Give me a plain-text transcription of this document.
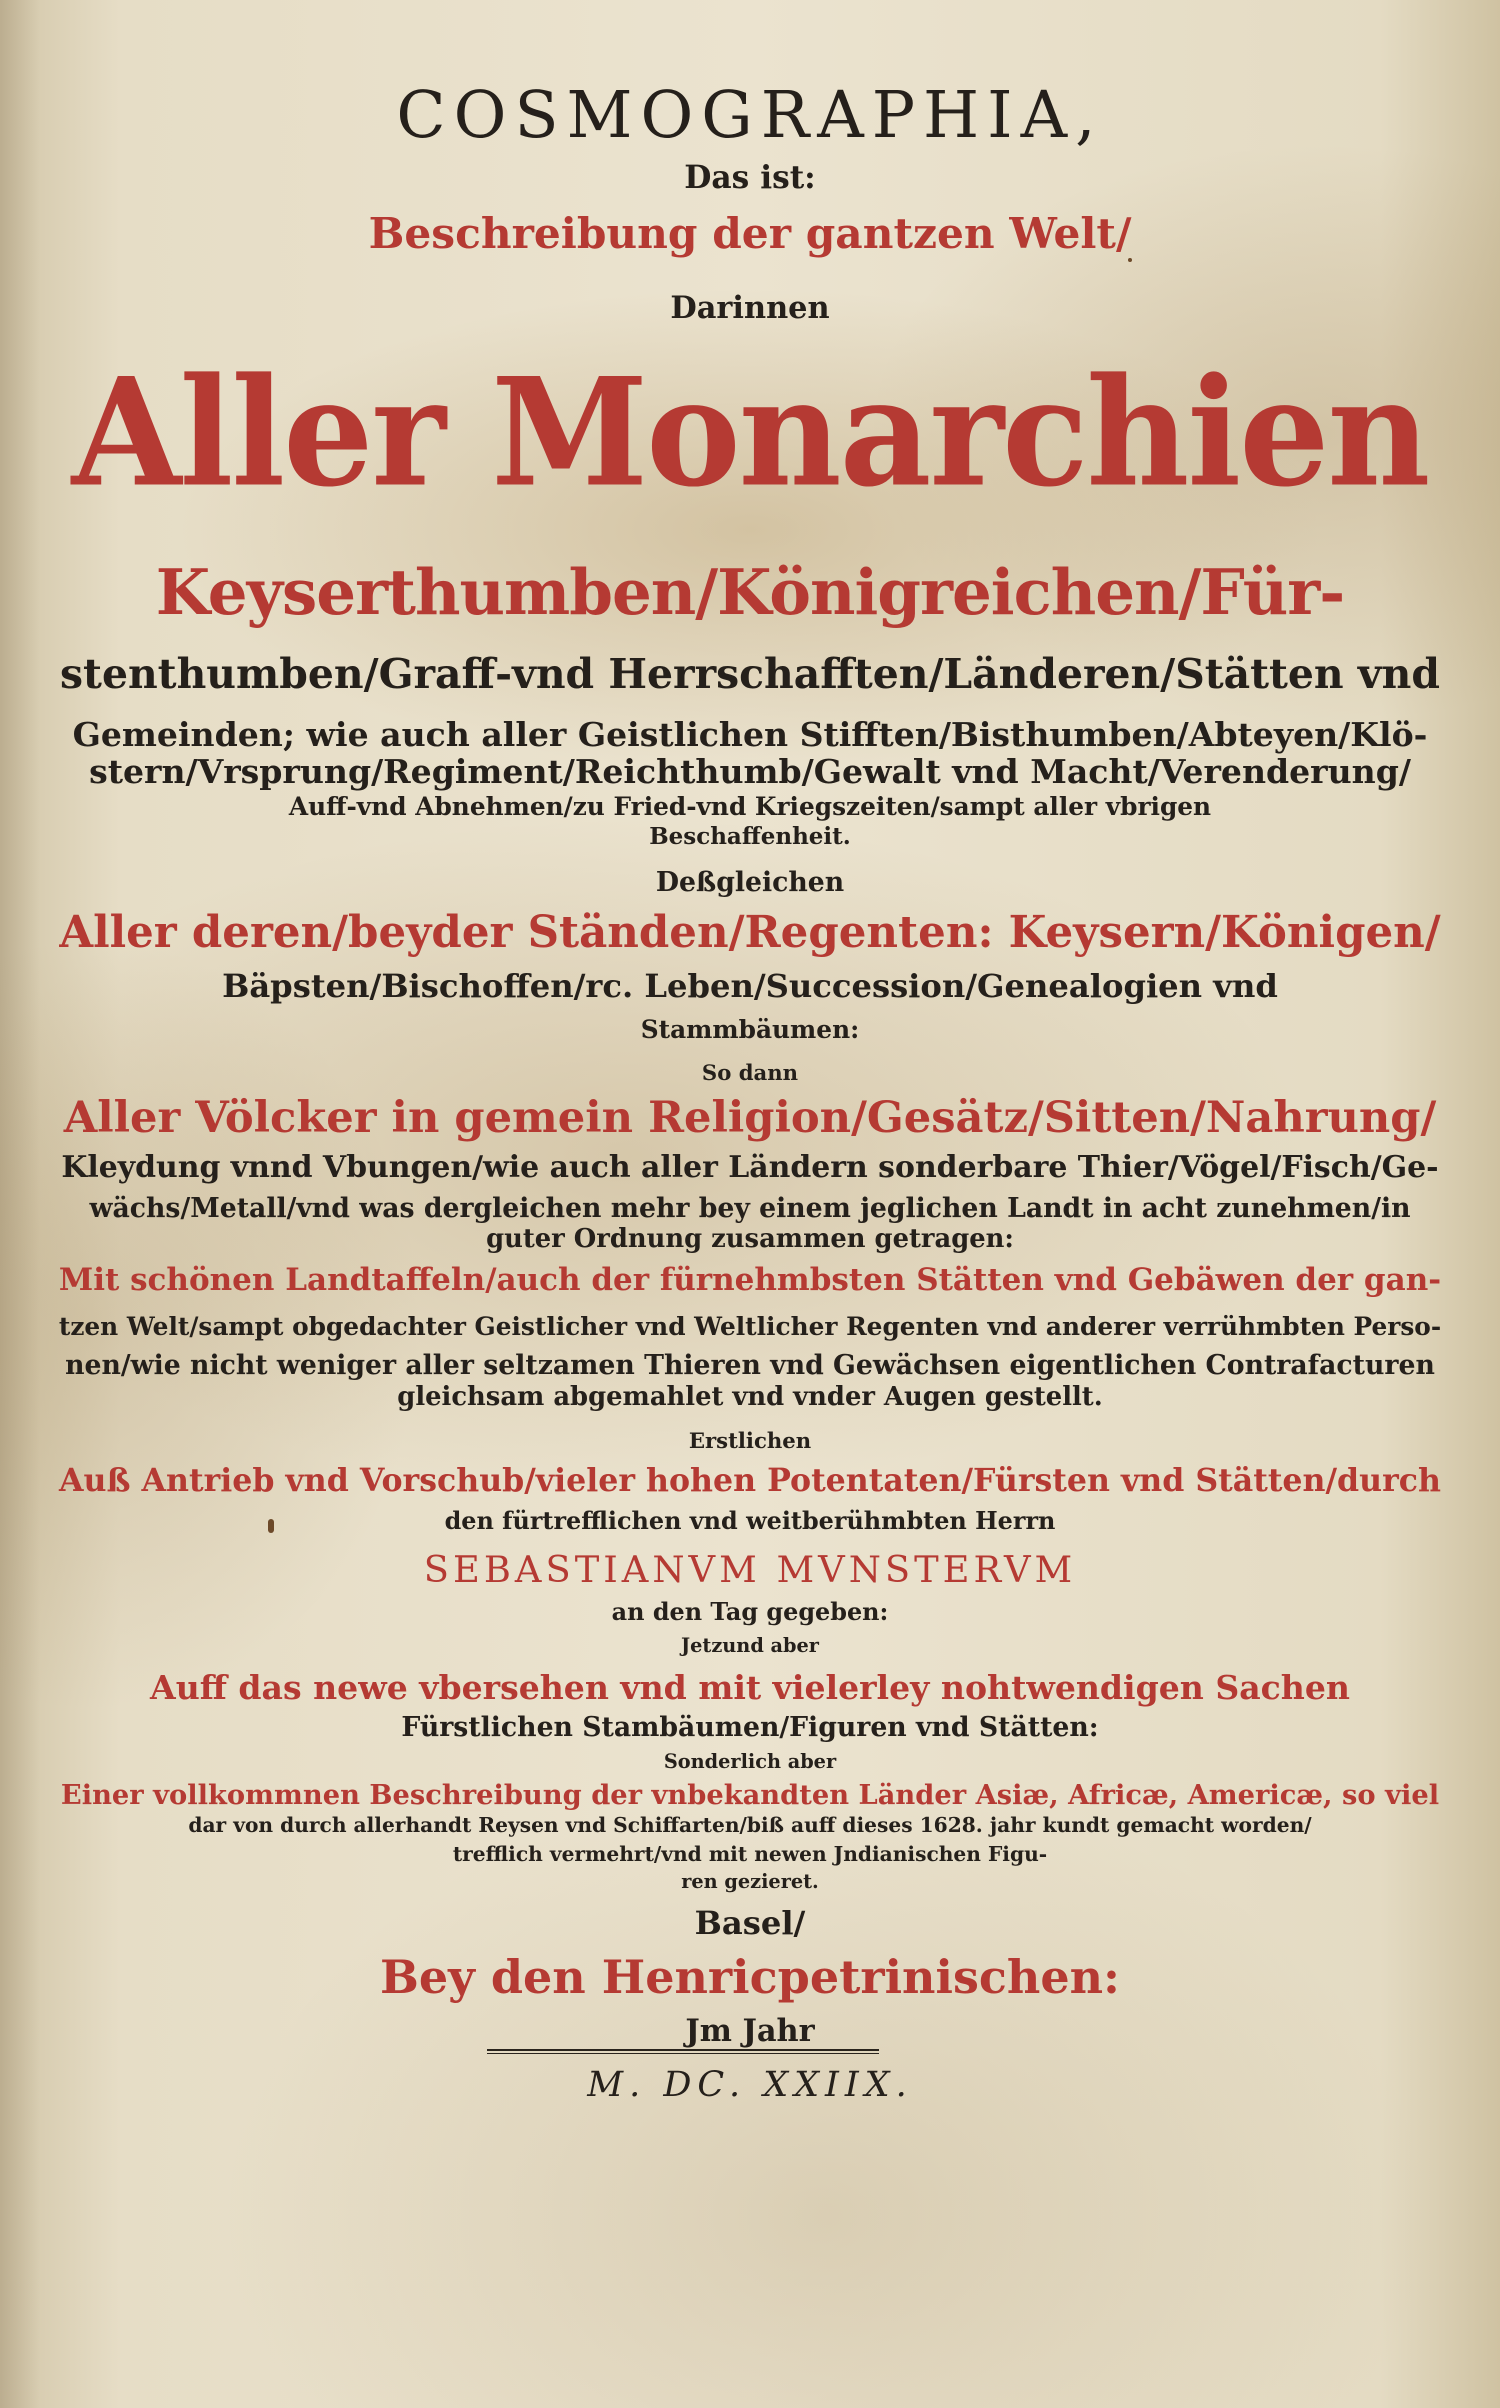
COSMOGRAPHIA,

Das ist:

Beschreibung der gantzen Welt/

Darinnen

Aller Monarchien

Keyserthumben/Königreichen/Für-

stenthumben/Graff-vnd Herrschafften/Länderen/Stätten vnd

Gemeinden; wie auch aller Geistlichen Stifften/Bisthumben/Abteyen/Klö-

stern/Vrsprung/Regiment/Reichthumb/Gewalt vnd Macht/Verenderung/

Auff-vnd Abnehmen/zu Fried-vnd Kriegszeiten/sampt aller vbrigen

Beschaffenheit.

Deßgleichen

Aller deren/beyder Ständen/Regenten: Keysern/Königen/

Bäpsten/Bischoffen/rc. Leben/Succession/Genealogien vnd

Stammbäumen:

So dann

Aller Völcker in gemein Religion/Gesätz/Sitten/Nahrung/

Kleydung vnnd Vbungen/wie auch aller Ländern sonderbare Thier/Vögel/Fisch/Ge-

wächs/Metall/vnd was dergleichen mehr bey einem jeglichen Landt in acht zunehmen/in

guter Ordnung zusammen getragen:

Mit schönen Landtaffeln/auch der fürnehmbsten Stätten vnd Gebäwen der gan-

tzen Welt/sampt obgedachter Geistlicher vnd Weltlicher Regenten vnd anderer verrühmbten Perso-

nen/wie nicht weniger aller seltzamen Thieren vnd Gewächsen eigentlichen Contrafacturen

gleichsam abgemahlet vnd vnder Augen gestellt.

Erstlichen

Auß Antrieb vnd Vorschub/vieler hohen Potentaten/Fürsten vnd Stätten/durch

den fürtrefflichen vnd weitberühmbten Herrn

SEBASTIANVM MVNSTERVM

an den Tag gegeben:

Jetzund aber

Auff das newe vbersehen vnd mit vielerley nohtwendigen Sachen

Fürstlichen Stambäumen/Figuren vnd Stätten:

Sonderlich aber

Einer vollkommnen Beschreibung der vnbekandten Länder Asiæ, Africæ, Americæ, so viel

dar von durch allerhandt Reysen vnd Schiffarten/biß auff dieses 1628. jahr kundt gemacht worden/

trefflich vermehrt/vnd mit newen Jndianischen Figu-

ren gezieret.

Basel/

Bey den Henricpetrinischen:

Jm Jahr

M. DC. XXIIX.
